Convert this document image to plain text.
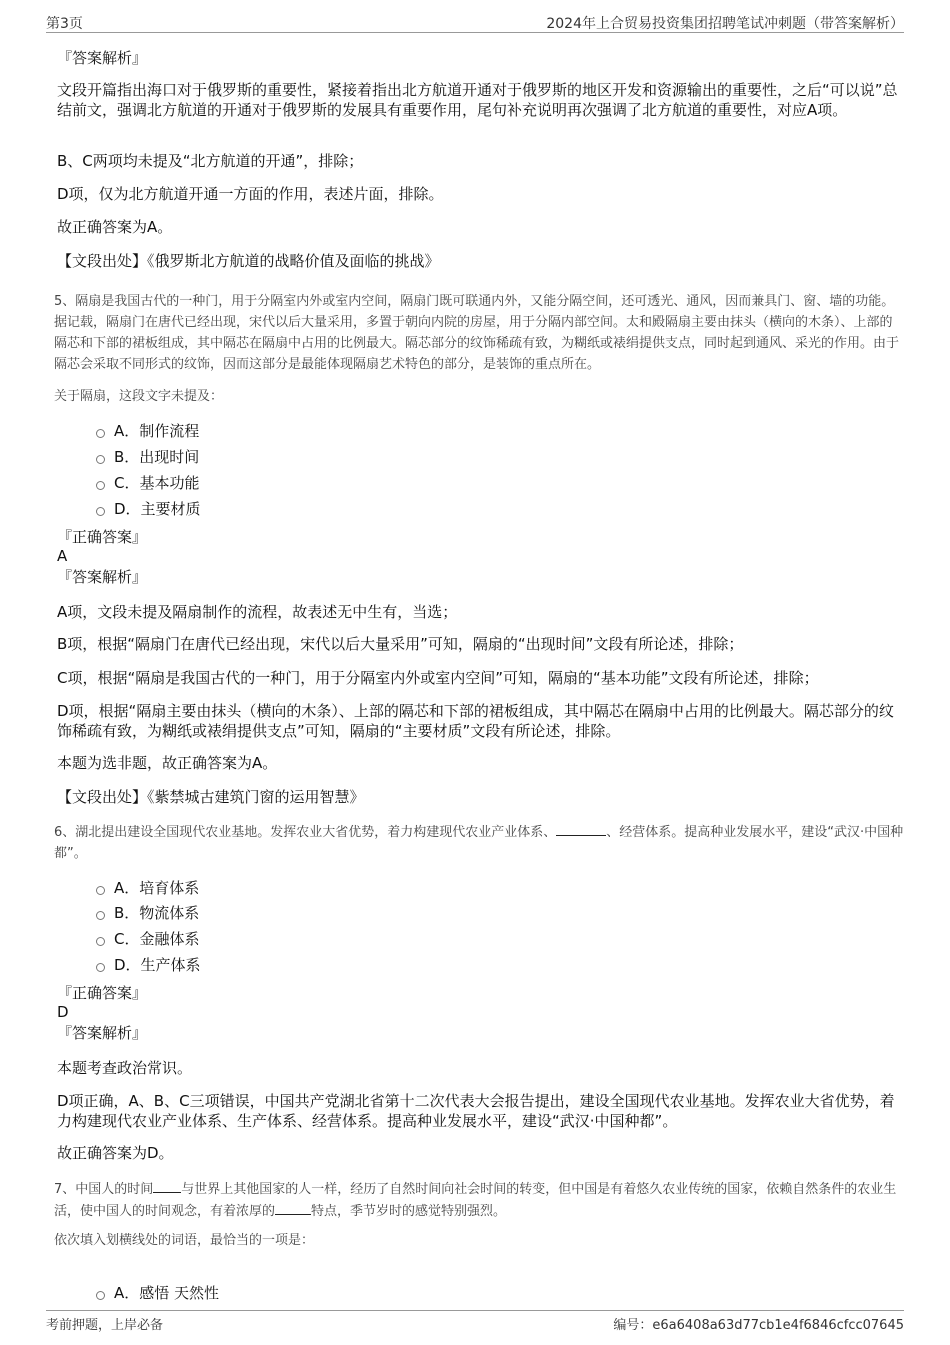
第3页	2024年上合贸易投资集团招聘笔试冲刺题（带答案解析）
『答案解析』
文段开篇指出海口对于俄罗斯的重要性，紧接着指出北方航道开通对于俄罗斯的地区开发和资源输出的重要性，之后“可以说”总结前文，强调北方航道的开通对于俄罗斯的发展具有重要作用，尾句补充说明再次强调了北方航道的重要性，对应A项。
B、C两项均未提及“北方航道的开通”，排除；
D项，仅为北方航道开通一方面的作用，表述片面，排除。
故正确答案为A。
【文段出处】《俄罗斯北方航道的战略价值及面临的挑战》
5、隔扇是我国古代的一种门，用于分隔室内外或室内空间，隔扇门既可联通内外，又能分隔空间，还可透光、通风，因而兼具门、窗、墙的功能。据记载，隔扇门在唐代已经出现，宋代以后大量采用，多置于朝向内院的房屋，用于分隔内部空间。太和殿隔扇主要由抹头（横向的木条）、上部的隔芯和下部的裙板组成，其中隔芯在隔扇中占用的比例最大。隔芯部分的纹饰稀疏有致，为糊纸或裱绢提供支点，同时起到通风、采光的作用。由于隔芯会采取不同形式的纹饰，因而这部分是最能体现隔扇艺术特色的部分，是装饰的重点所在。
关于隔扇，这段文字未提及：
A．制作流程
B．出现时间
C．基本功能
D．主要材质
『正确答案』
A
『答案解析』
A项，文段未提及隔扇制作的流程，故表述无中生有，当选；
B项，根据“隔扇门在唐代已经出现，宋代以后大量采用”可知，隔扇的“出现时间”文段有所论述，排除；
C项，根据“隔扇是我国古代的一种门，用于分隔室内外或室内空间”可知，隔扇的“基本功能”文段有所论述，排除；
D项，根据“隔扇主要由抹头（横向的木条）、上部的隔芯和下部的裙板组成，其中隔芯在隔扇中占用的比例最大。隔芯部分的纹饰稀疏有致，为糊纸或裱绢提供支点”可知，隔扇的“主要材质”文段有所论述，排除。
本题为选非题，故正确答案为A。
【文段出处】《紫禁城古建筑门窗的运用智慧》
6、湖北提出建设全国现代农业基地。发挥农业大省优势，着力构建现代农业产业体系、	、经营体系。提高种业发展水平，建设“武汉·中国种都”。
A．培育体系
B．物流体系
C．金融体系
D．生产体系
『正确答案』
D
『答案解析』
本题考查政治常识。
D项正确，A、B、C三项错误，中国共产党湖北省第十二次代表大会报告提出，建设全国现代农业基地。发挥农业大省优势，着力构建现代农业产业体系、生产体系、经营体系。提高种业发展水平，建设“武汉·中国种都”。
故正确答案为D。
7、中国人的时间 与世界上其他国家的人一样，经历了自然时间向社会时间的转变，但中国是有着悠久农业传统的国家，依赖自然条件的农业生活，使中国人的时间观念，有着浓厚的	特点，季节岁时的感觉特别强烈。
依次填入划横线处的词语，最恰当的一项是：
A．感悟 天然性
考前押题，上岸必备	编号：e6a6408a63d77cb1e4f6846cfcc07645
